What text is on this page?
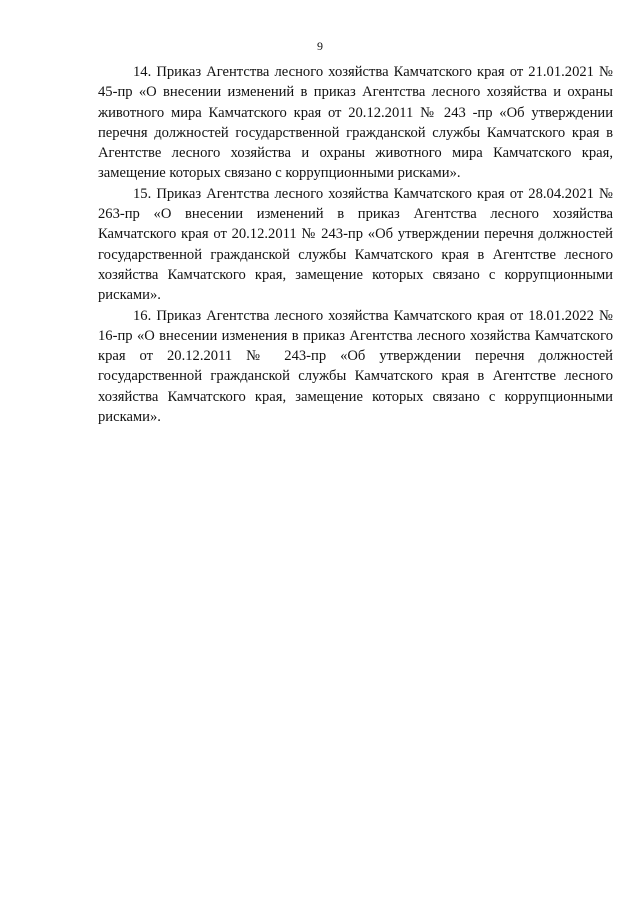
9

14. Приказ Агентства лесного хозяйства Камчатского края от 21.01.2021 № 45-пр «О внесении изменений в приказ Агентства лесного хозяйства и охраны животного мира Камчатского края от 20.12.2011 № 243 -пр «Об утверждении перечня должностей государственной гражданской службы Камчатского края в Агентстве лесного хозяйства и охраны животного мира Камчатского края, замещение которых связано с коррупционными рисками».

15. Приказ Агентства лесного хозяйства Камчатского края от 28.04.2021 № 263-пр «О внесении изменений в приказ Агентства лесного хозяйства Камчатского края от 20.12.2011 № 243-пр «Об утверждении перечня должностей государственной гражданской службы Камчатского края в Агентстве лесного хозяйства Камчатского края, замещение которых связано с коррупционными рисками».

16. Приказ Агентства лесного хозяйства Камчатского края от 18.01.2022 № 16-пр «О внесении изменения в приказ Агентства лесного хозяйства Камчатского края от 20.12.2011 № 243-пр «Об утверждении перечня должностей государственной гражданской службы Камчатского края в Агентстве лесного хозяйства Камчатского края, замещение которых связано с коррупционными рисками».
